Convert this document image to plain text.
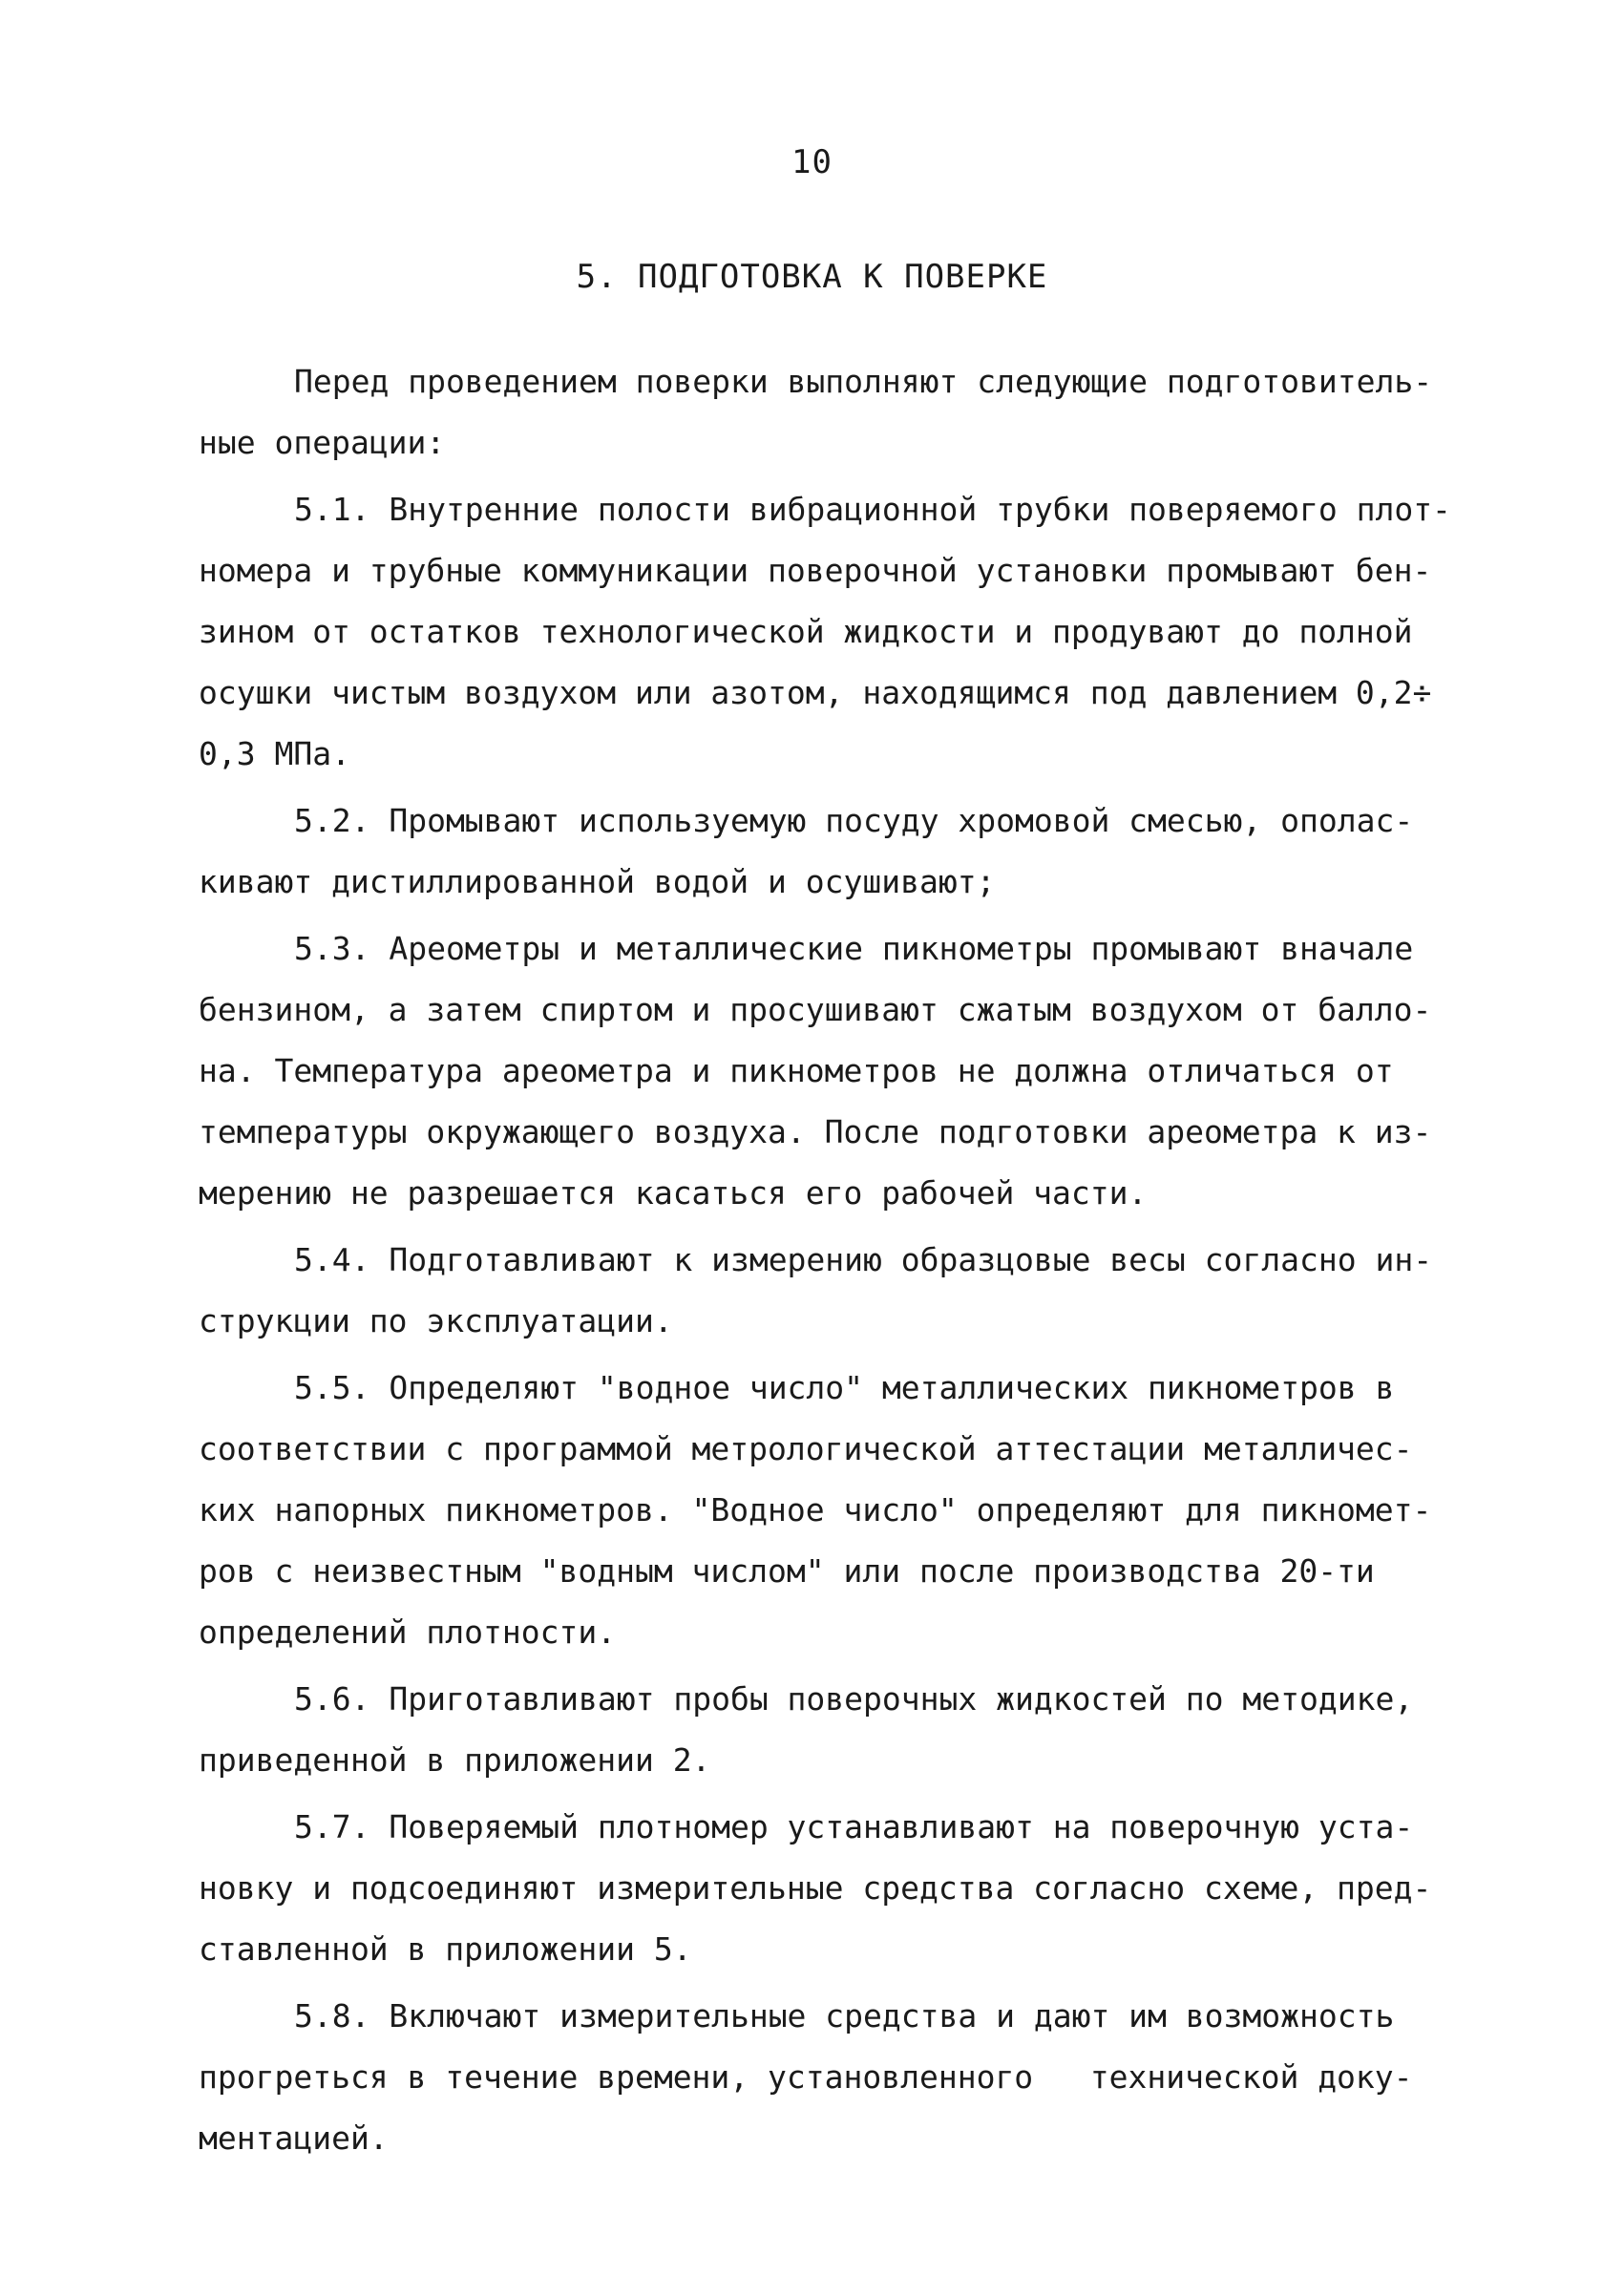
10
5. ПОДГОТОВКА К ПОВЕРКЕ
Перед проведением поверки выполняют следующие подготовитель-
ные операции:
5.1. Внутренние полости вибрационной трубки поверяемого плот-
номера и трубные коммуникации поверочной установки промывают бен-
зином от остатков технологической жидкости и продувают до полной
осушки чистым воздухом или азотом, находящимся под давлением 0,2÷
0,3 МПа.
5.2. Промывают используемую посуду хромовой смесью, ополас-
кивают дистиллированной водой и осушивают;
5.3. Ареометры и металлические пикнометры промывают вначале
бензином, а затем спиртом и просушивают сжатым воздухом от балло-
на. Температура ареометра и пикнометров не должна отличаться от
температуры окружающего воздуха. После подготовки ареометра к из-
мерению не разрешается касаться его рабочей части.
5.4. Подготавливают к измерению образцовые весы согласно ин-
струкции по эксплуатации.
5.5. Определяют "водное число" металлических пикнометров в
соответствии с программой метрологической аттестации металличес-
ких напорных пикнометров. "Водное число" определяют для пикномет-
ров с неизвестным "водным числом" или после производства 20-ти
определений плотности.
5.6. Приготавливают пробы поверочных жидкостей по методике,
приведенной в приложении 2.
5.7. Поверяемый плотномер устанавливают на поверочную уста-
новку и подсоединяют измерительные средства согласно схеме, пред-
ставленной в приложении 5.
5.8. Включают измерительные средства и дают им возможность
прогреться в течение времени, установленного   технической доку-
ментацией.
